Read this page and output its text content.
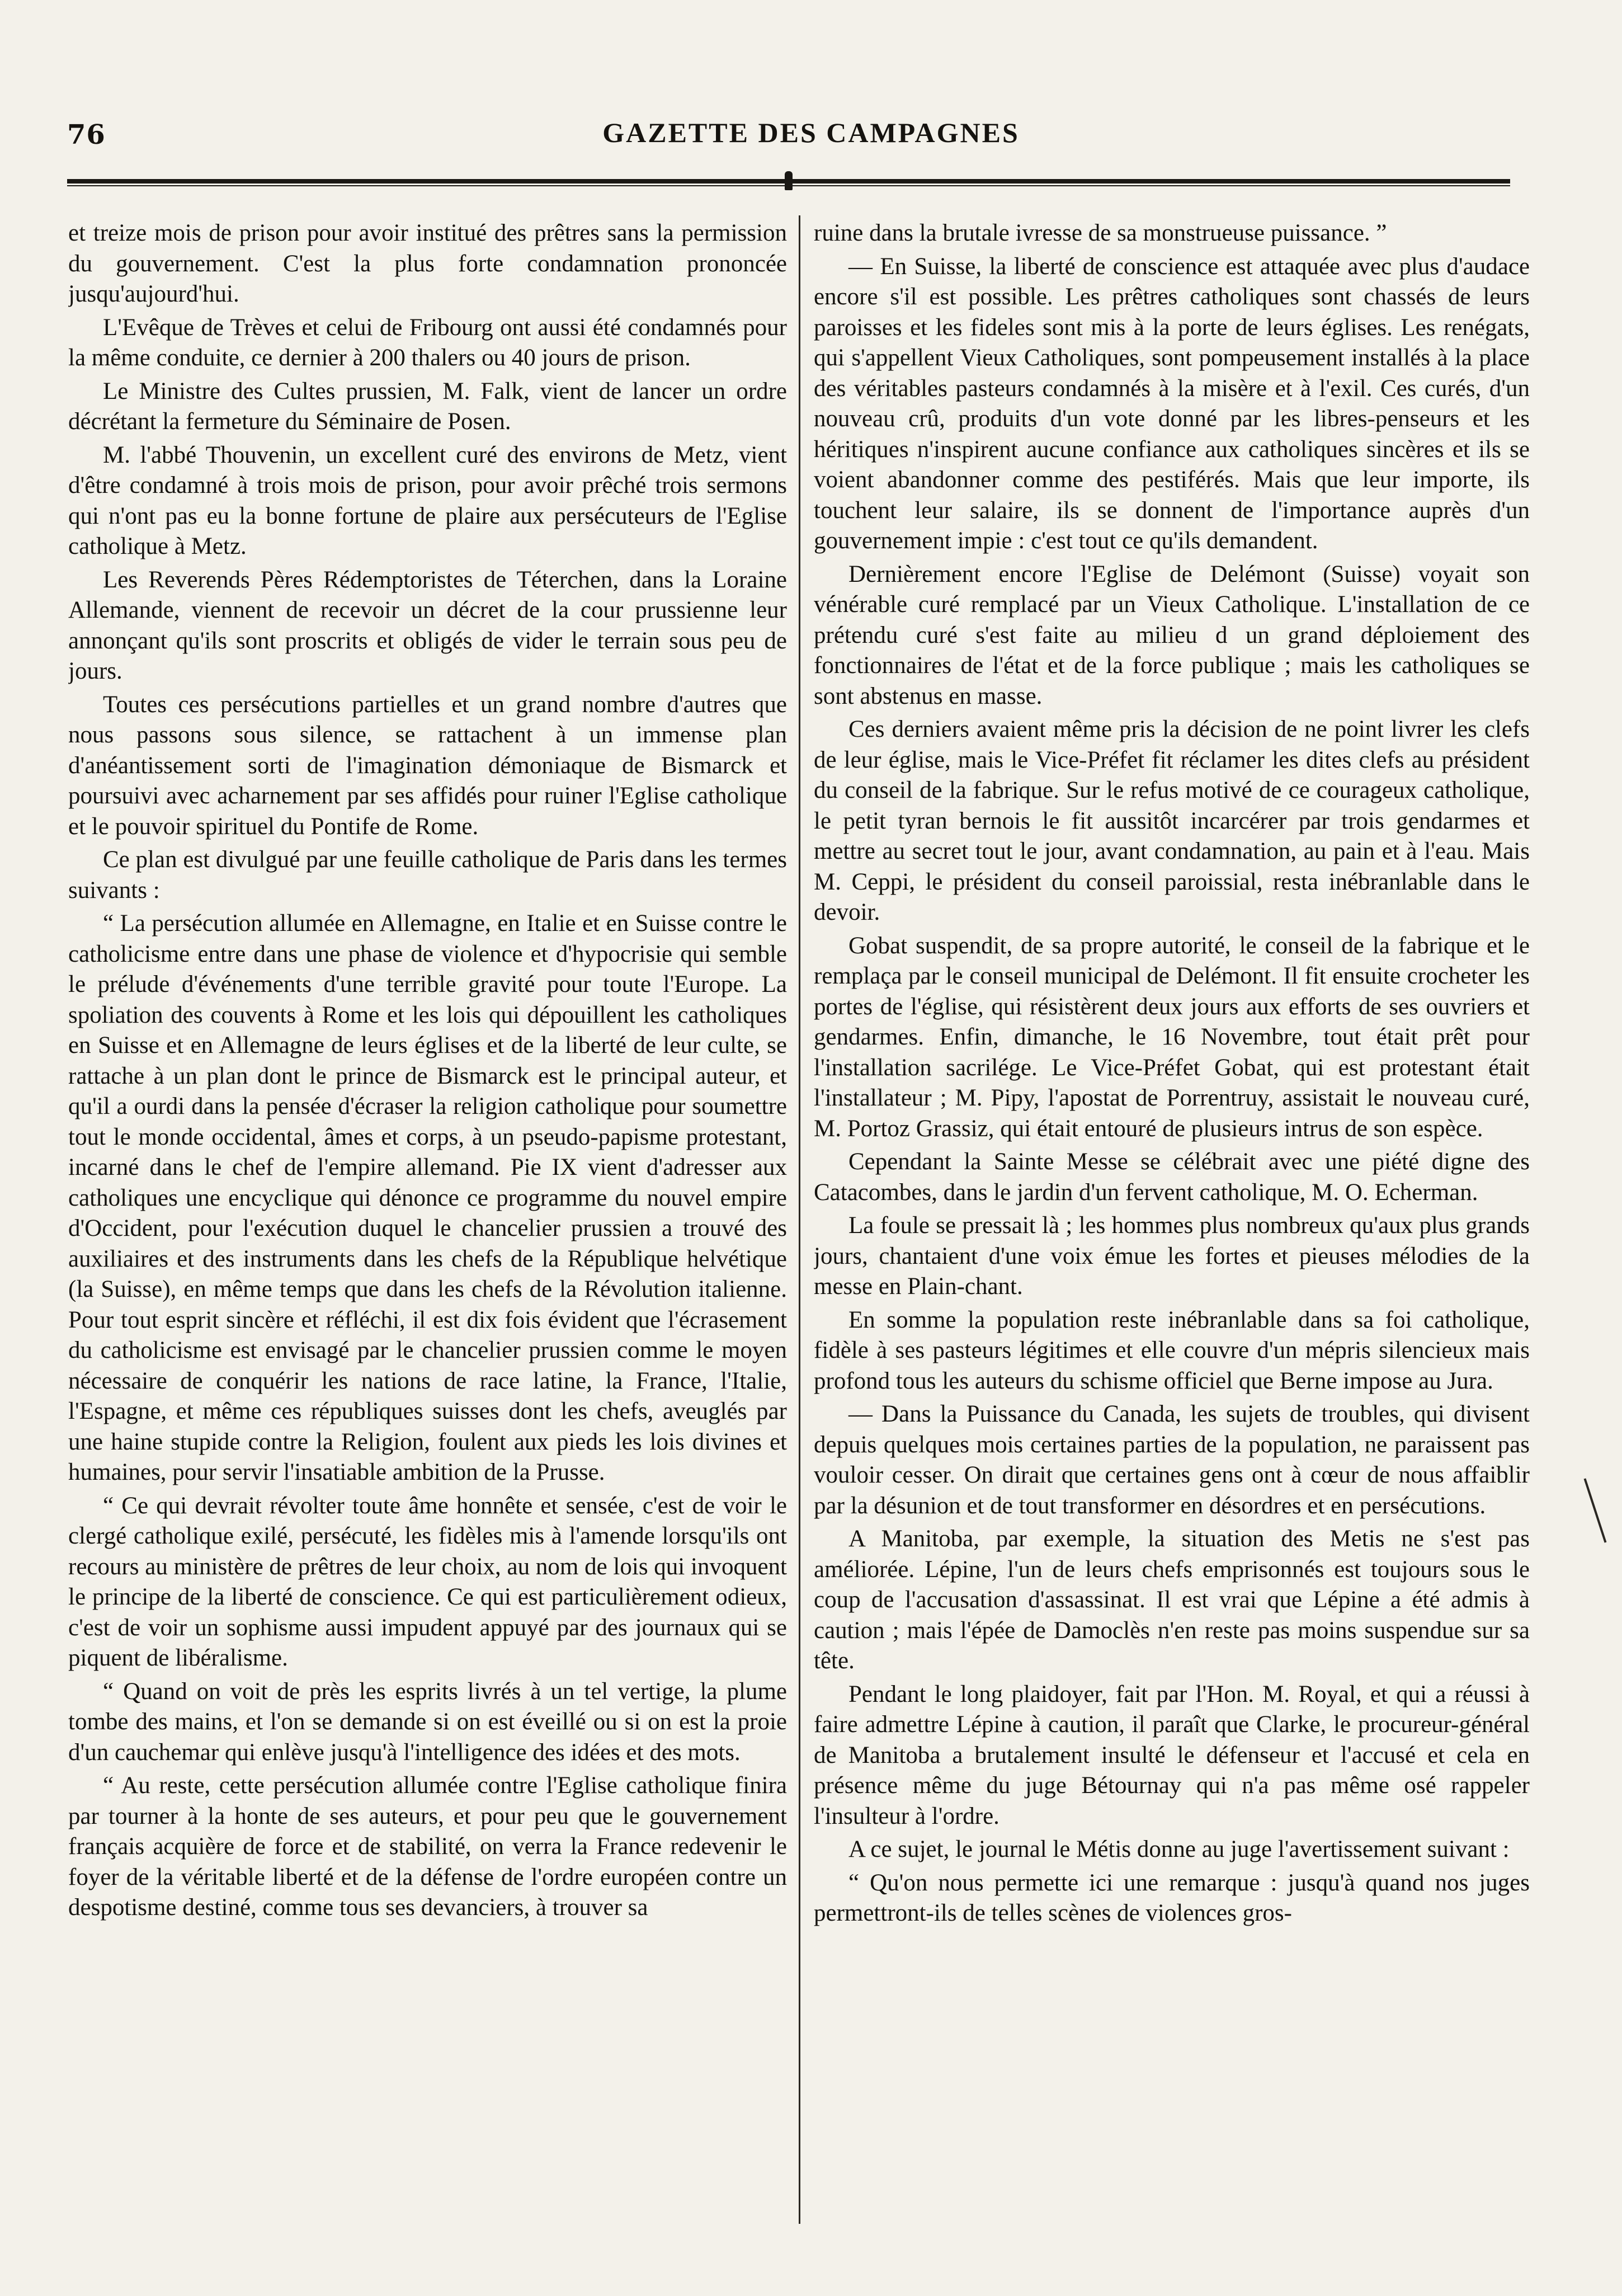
76	GAZETTE DES CAMPAGNES

et treize mois de prison pour avoir institué des prêtres sans la permission du gouvernement. C'est la plus forte condamnation prononcée jusqu'aujourd'hui.

L'Evêque de Trèves et celui de Fribourg ont aussi été condamnés pour la même conduite, ce dernier à 200 thalers ou 40 jours de prison.

Le Ministre des Cultes prussien, M. Falk, vient de lancer un ordre décrétant la fermeture du Séminaire de Posen.

M. l'abbé Thouvenin, un excellent curé des environs de Metz, vient d'être condamné à trois mois de prison, pour avoir prêché trois sermons qui n'ont pas eu la bonne fortune de plaire aux persécuteurs de l'Eglise catholique à Metz.

Les Reverends Pères Rédemptoristes de Téterchen, dans la Loraine Allemande, viennent de recevoir un décret de la cour prussienne leur annonçant qu'ils sont proscrits et obligés de vider le terrain sous peu de jours.

Toutes ces persécutions partielles et un grand nombre d'autres que nous passons sous silence, se rattachent à un immense plan d'anéantissement sorti de l'imagination démoniaque de Bismarck et poursuivi avec acharnement par ses affidés pour ruiner l'Eglise catholique et le pouvoir spirituel du Pontife de Rome.

Ce plan est divulgué par une feuille catholique de Paris dans les termes suivants :

“ La persécution allumée en Allemagne, en Italie et en Suisse contre le catholicisme entre dans une phase de violence et d'hypocrisie qui semble le prélude d'événements d'une terrible gravité pour toute l'Europe. La spoliation des couvents à Rome et les lois qui dépouillent les catholiques en Suisse et en Allemagne de leurs églises et de la liberté de leur culte, se rattache à un plan dont le prince de Bismarck est le principal auteur, et qu'il a ourdi dans la pensée d'écraser la religion catholique pour soumettre tout le monde occidental, âmes et corps, à un pseudo-papisme protestant, incarné dans le chef de l'empire allemand. Pie IX vient d'adresser aux catholiques une encyclique qui dénonce ce programme du nouvel empire d'Occident, pour l'exécution duquel le chancelier prussien a trouvé des auxiliaires et des instruments dans les chefs de la République helvétique (la Suisse), en même temps que dans les chefs de la Révolution italienne. Pour tout esprit sincère et réfléchi, il est dix fois évident que l'écrasement du catholicisme est envisagé par le chancelier prussien comme le moyen nécessaire de conquérir les nations de race latine, la France, l'Italie, l'Espagne, et même ces républiques suisses dont les chefs, aveuglés par une haine stupide contre la Religion, foulent aux pieds les lois divines et humaines, pour servir l'insatiable ambition de la Prusse.

“ Ce qui devrait révolter toute âme honnête et sensée, c'est de voir le clergé catholique exilé, persécuté, les fidèles mis à l'amende lorsqu'ils ont recours au ministère de prêtres de leur choix, au nom de lois qui invoquent le principe de la liberté de conscience. Ce qui est particulièrement odieux, c'est de voir un sophisme aussi impudent appuyé par des journaux qui se piquent de libéralisme.

“ Quand on voit de près les esprits livrés à un tel vertige, la plume tombe des mains, et l'on se demande si on est éveillé ou si on est la proie d'un cauchemar qui enlève jusqu'à l'intelligence des idées et des mots.

“ Au reste, cette persécution allumée contre l'Eglise catholique finira par tourner à la honte de ses auteurs, et pour peu que le gouvernement français acquière de force et de stabilité, on verra la France redevenir le foyer de la véritable liberté et de la défense de l'ordre européen contre un despotisme destiné, comme tous ses devanciers, à trouver sa

ruine dans la brutale ivresse de sa monstrueuse puissance. ”

— En Suisse, la liberté de conscience est attaquée avec plus d'audace encore s'il est possible. Les prêtres catholiques sont chassés de leurs paroisses et les fideles sont mis à la porte de leurs églises. Les renégats, qui s'appellent Vieux Catholiques, sont pompeusement installés à la place des véritables pasteurs condamnés à la misère et à l'exil. Ces curés, d'un nouveau crû, produits d'un vote donné par les libres-penseurs et les héritiques n'inspirent aucune confiance aux catholiques sincères et ils se voient abandonner comme des pestiférés. Mais que leur importe, ils touchent leur salaire, ils se donnent de l'importance auprès d'un gouvernement impie : c'est tout ce qu'ils demandent.

Dernièrement encore l'Eglise de Delémont (Suisse) voyait son vénérable curé remplacé par un Vieux Catholique. L'installation de ce prétendu curé s'est faite au milieu d un grand déploiement des fonctionnaires de l'état et de la force publique ; mais les catholiques se sont abstenus en masse.

Ces derniers avaient même pris la décision de ne point livrer les clefs de leur église, mais le Vice-Préfet fit réclamer les dites clefs au président du conseil de la fabrique. Sur le refus motivé de ce courageux catholique, le petit tyran bernois le fit aussitôt incarcérer par trois gendarmes et mettre au secret tout le jour, avant condamnation, au pain et à l'eau. Mais M. Ceppi, le président du conseil paroissial, resta inébranlable dans le devoir.

Gobat suspendit, de sa propre autorité, le conseil de la fabrique et le remplaça par le conseil municipal de Delémont. Il fit ensuite crocheter les portes de l'église, qui résistèrent deux jours aux efforts de ses ouvriers et gendarmes. Enfin, dimanche, le 16 Novembre, tout était prêt pour l'installation sacrilége. Le Vice-Préfet Gobat, qui est protestant était l'installateur ; M. Pipy, l'apostat de Porrentruy, assistait le nouveau curé, M. Portoz Grassiz, qui était entouré de plusieurs intrus de son espèce.

Cependant la Sainte Messe se célébrait avec une piété digne des Catacombes, dans le jardin d'un fervent catholique, M. O. Echerman.

La foule se pressait là ; les hommes plus nombreux qu'aux plus grands jours, chantaient d'une voix émue les fortes et pieuses mélodies de la messe en Plain-chant.

En somme la population reste inébranlable dans sa foi catholique, fidèle à ses pasteurs légitimes et elle couvre d'un mépris silencieux mais profond tous les auteurs du schisme officiel que Berne impose au Jura.

— Dans la Puissance du Canada, les sujets de troubles, qui divisent depuis quelques mois certaines parties de la population, ne paraissent pas vouloir cesser. On dirait que certaines gens ont à cœur de nous affaiblir par la désunion et de tout transformer en désordres et en persécutions.

A Manitoba, par exemple, la situation des Metis ne s'est pas améliorée. Lépine, l'un de leurs chefs emprisonnés est toujours sous le coup de l'accusation d'assassinat. Il est vrai que Lépine a été admis à caution ; mais l'épée de Damoclès n'en reste pas moins suspendue sur sa tête.

Pendant le long plaidoyer, fait par l'Hon. M. Royal, et qui a réussi à faire admettre Lépine à caution, il paraît que Clarke, le procureur-général de Manitoba a brutalement insulté le défenseur et l'accusé et cela en présence même du juge Bétournay qui n'a pas même osé rappeler l'insulteur à l'ordre.

A ce sujet, le journal le Métis donne au juge l'avertissement suivant :

“ Qu'on nous permette ici une remarque : jusqu'à quand nos juges permettront-ils de telles scènes de violences gros-
